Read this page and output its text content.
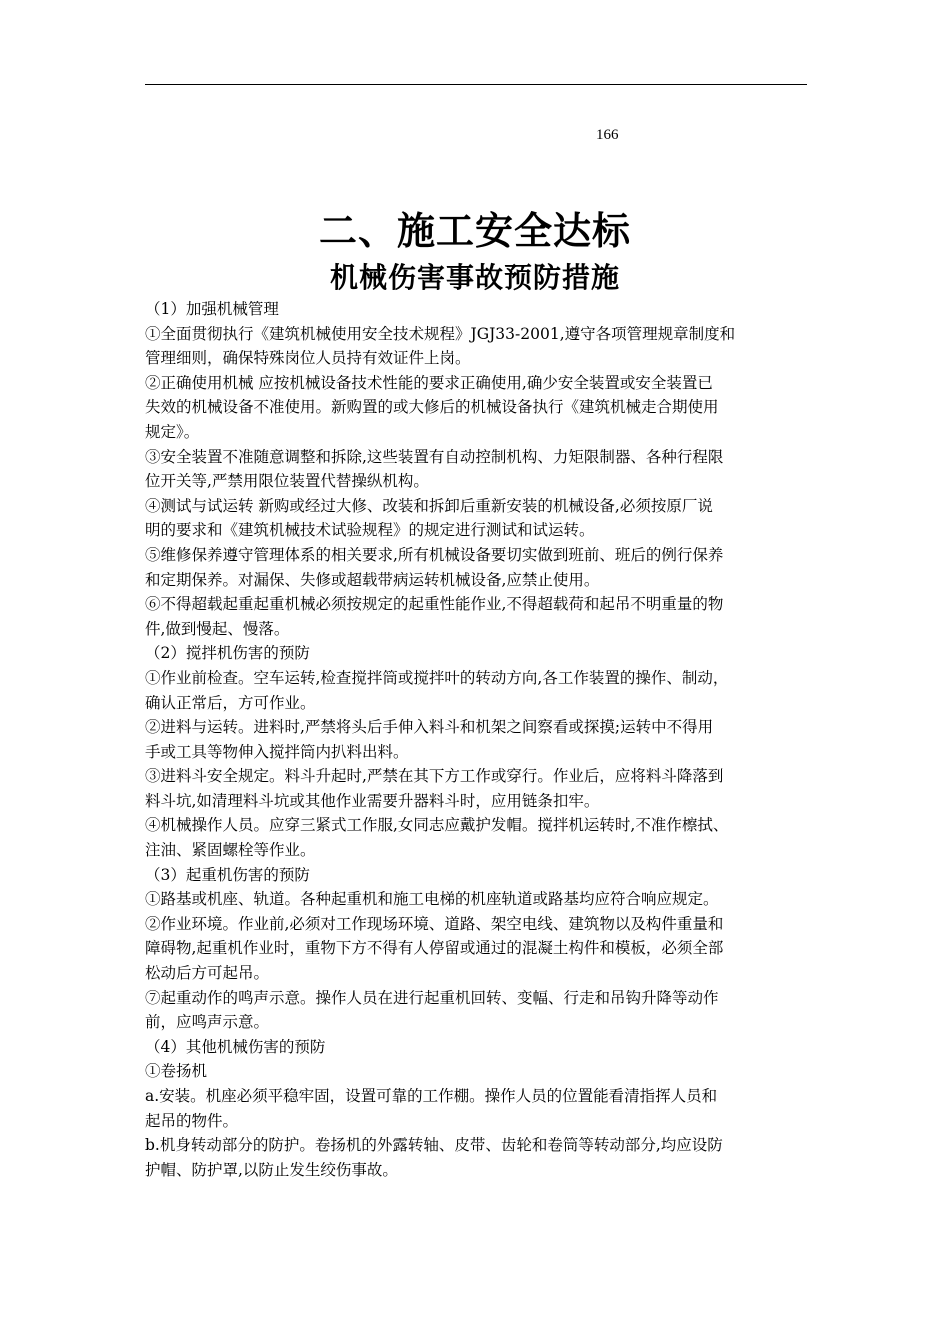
166
二、施工安全达标
机械伤害事故预防措施
（1）加强机械管理
①全面贯彻执行《建筑机械使用安全技术规程》JGJ33-2001,遵守各项管理规章制度和
管理细则，确保特殊岗位人员持有效证件上岗。
②正确使用机械 应按机械设备技术性能的要求正确使用,确少安全装置或安全装置已
失效的机械设备不准使用。新购置的或大修后的机械设备执行《建筑机械走合期使用
规定》。
③安全装置不准随意调整和拆除,这些装置有自动控制机构、力矩限制器、各种行程限
位开关等,严禁用限位装置代替操纵机构。
④测试与试运转 新购或经过大修、改装和拆卸后重新安装的机械设备,必须按原厂说
明的要求和《建筑机械技术试验规程》的规定进行测试和试运转。
⑤维修保养遵守管理体系的相关要求,所有机械设备要切实做到班前、班后的例行保养
和定期保养。对漏保、失修或超载带病运转机械设备,应禁止使用。
⑥不得超载起重起重机械必须按规定的起重性能作业,不得超载荷和起吊不明重量的物
件,做到慢起、慢落。
（2）搅拌机伤害的预防
①作业前检查。空车运转,检查搅拌筒或搅拌叶的转动方向,各工作装置的操作、制动，
确认正常后，方可作业。
②进料与运转。进料时,严禁将头后手伸入料斗和机架之间察看或探摸;运转中不得用
手或工具等物伸入搅拌筒内扒料出料。
③进料斗安全规定。料斗升起时,严禁在其下方工作或穿行。作业后，应将料斗降落到
料斗坑,如清理料斗坑或其他作业需要升器料斗时，应用链条扣牢。
④机械操作人员。应穿三紧式工作服,女同志应戴护发帽。搅拌机运转时,不准作檫拭、
注油、紧固螺栓等作业。
（3）起重机伤害的预防
①路基或机座、轨道。各种起重机和施工电梯的机座轨道或路基均应符合响应规定。
②作业环境。作业前,必须对工作现场环境、道路、架空电线、建筑物以及构件重量和
障碍物,起重机作业时，重物下方不得有人停留或通过的混凝土构件和模板，必须全部
松动后方可起吊。
⑦起重动作的鸣声示意。操作人员在进行起重机回转、变幅、行走和吊钩升降等动作
前，应鸣声示意。
（4）其他机械伤害的预防
①卷扬机
a.安装。机座必须平稳牢固，设置可靠的工作棚。操作人员的位置能看清指挥人员和
起吊的物件。
b.机身转动部分的防护。卷扬机的外露转轴、皮带、齿轮和卷筒等转动部分,均应设防
护帽、防护罩,以防止发生绞伤事故。
